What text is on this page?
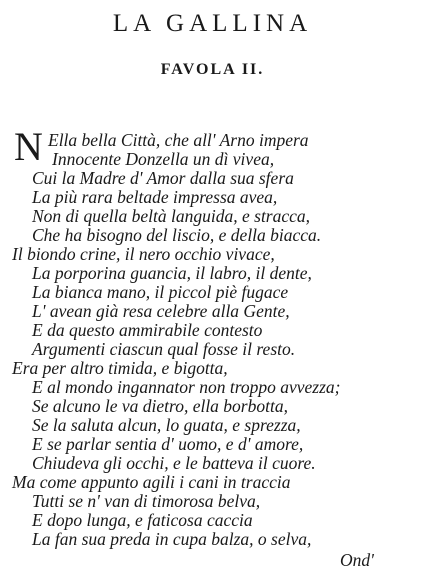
LA GALLINA
FAVOLA II.
N Ella bella Città, che all' Arno impera
Innocente Donzella un dì vivea,
Cui la Madre d' Amor dalla sua sfera
La più rara beltade impressa avea,
Non di quella beltà languida, e stracca,
Che ha bisogno del liscio, e della biacca.
Il biondo crine, il nero occhio vivace,
La porporina guancia, il labro, il dente,
La bianca mano, il piccol piè fugace
L' avean già resa celebre alla Gente,
E da questo ammirabile contesto
Argumenti ciascun qual fosse il resto.
Era per altro timida, e bigotta,
E al mondo ingannator non troppo avvezza;
Se alcuno le va dietro, ella borbotta,
Se la saluta alcun, lo guata, e sprezza,
E se parlar sentia d' uomo, e d' amore,
Chiudeva gli occhi, e le batteva il cuore.
Ma come appunto agili i cani in traccia
Tutti se n' van di timorosa belva,
E dopo lunga, e faticosa caccia
La fan sua preda in cupa balza, o selva,
Ond'
